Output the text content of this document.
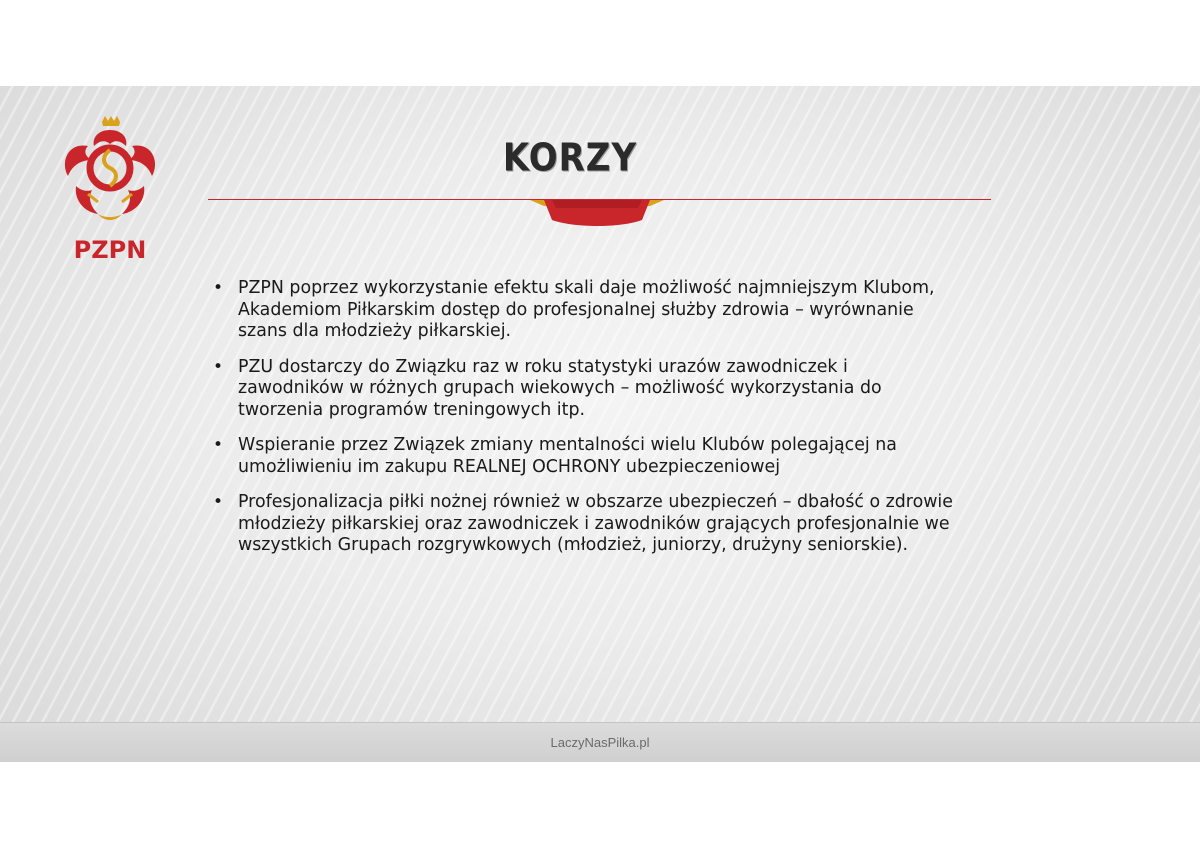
PZPN
KORZY
• PZPN poprzez wykorzystanie efektu skali daje możliwość najmniejszym Klubom, Akademiom Piłkarskim dostęp do profesjonalnej służby zdrowia – wyrównanie szans dla młodzieży piłkarskiej.
• PZU dostarczy do Związku raz w roku statystyki urazów zawodniczek i zawodników w różnych grupach wiekowych – możliwość wykorzystania do tworzenia programów treningowych itp.
• Wspieranie przez Związek zmiany mentalności wielu Klubów polegającej na umożliwieniu im zakupu REALNEJ OCHRONY ubezpieczeniowej
• Profesjonalizacja piłki nożnej również w obszarze ubezpieczeń – dbałość o zdrowie młodzieży piłkarskiej oraz zawodniczek i zawodników grających profesjonalnie we wszystkich Grupach rozgrywkowych (młodzież, juniorzy, drużyny seniorskie).
LaczyNasPilka.pl
